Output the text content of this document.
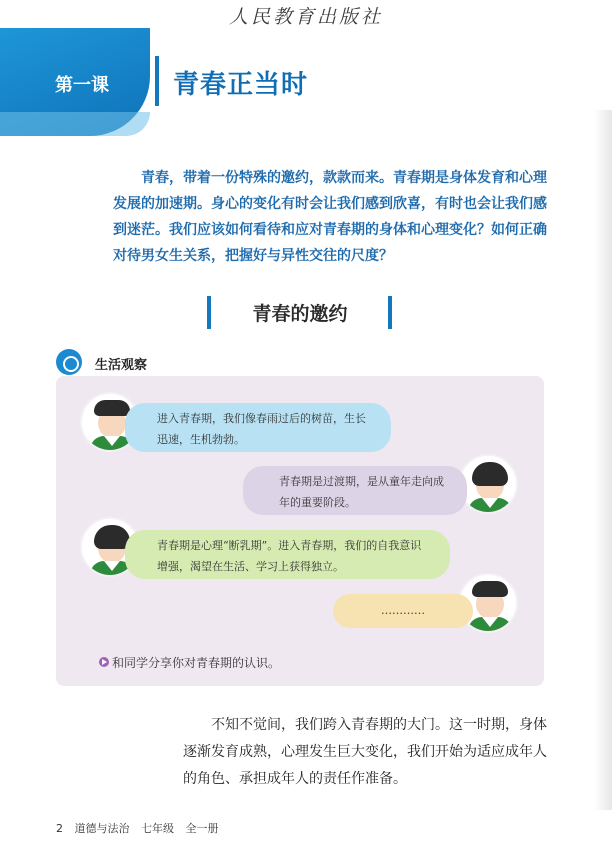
人民教育出版社
第一课 青春正当时

青春，带着一份特殊的邀约，款款而来。青春期是身体发育和心理发展的加速期。身心的变化有时会让我们感到欣喜，有时也会让我们感到迷茫。我们应该如何看待和应对青春期的身体和心理变化？如何正确对待男女生关系，把握好与异性交往的尺度？

青春的邀约
生活观察
进入青春期，我们像春雨过后的树苗，生长迅速，生机勃勃。
青春期是过渡期，是从童年走向成年的重要阶段。
青春期是心理“断乳期”。进入青春期，我们的自我意识增强，渴望在生活、学习上获得独立。
…………
和同学分享你对青春期的认识。

不知不觉间，我们跨入青春期的大门。这一时期，身体逐渐发育成熟，心理发生巨大变化，我们开始为适应成年人的角色、承担成年人的责任作准备。

2 道德与法治 七年级 全一册
